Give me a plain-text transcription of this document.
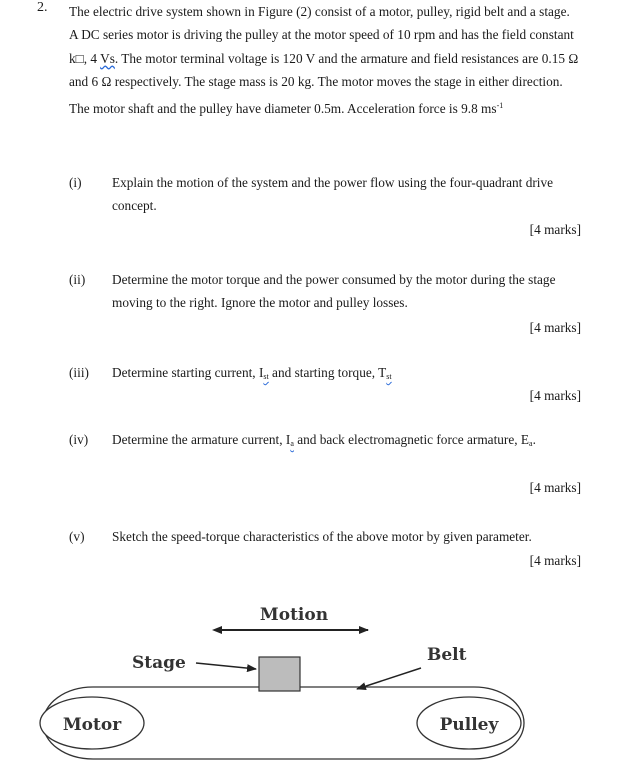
2. The electric drive system shown in Figure (2) consist of a motor, pulley, rigid belt and a stage. A DC series motor is driving the pulley at the motor speed of 10 rpm and has the field constant k□, 4 Vs. The motor terminal voltage is 120 V and the armature and field resistances are 0.15 Ω and 6 Ω respectively. The stage mass is 20 kg. The motor moves the stage in either direction. The motor shaft and the pulley have diameter 0.5m. Acceleration force is 9.8 $ms^{-1}$

(i)	Explain the motion of the system and the power flow using the four-quadrant drive concept.
[4 marks]
(ii)	Determine the motor torque and the power consumed by the motor during the stage moving to the right. Ignore the motor and pulley losses.
[4 marks]
(iii)	Determine starting current, $I_{st}$ and starting torque, $T_{st}$
[4 marks]
(iv)	Determine the armature current, $I_a$ and back electromagnetic force armature, $E_a$.
[4 marks]
(v)	Sketch the speed-torque characteristics of the above motor by given parameter.
[4 marks]
Motion
Motor	Pulley
Stage	Belt
